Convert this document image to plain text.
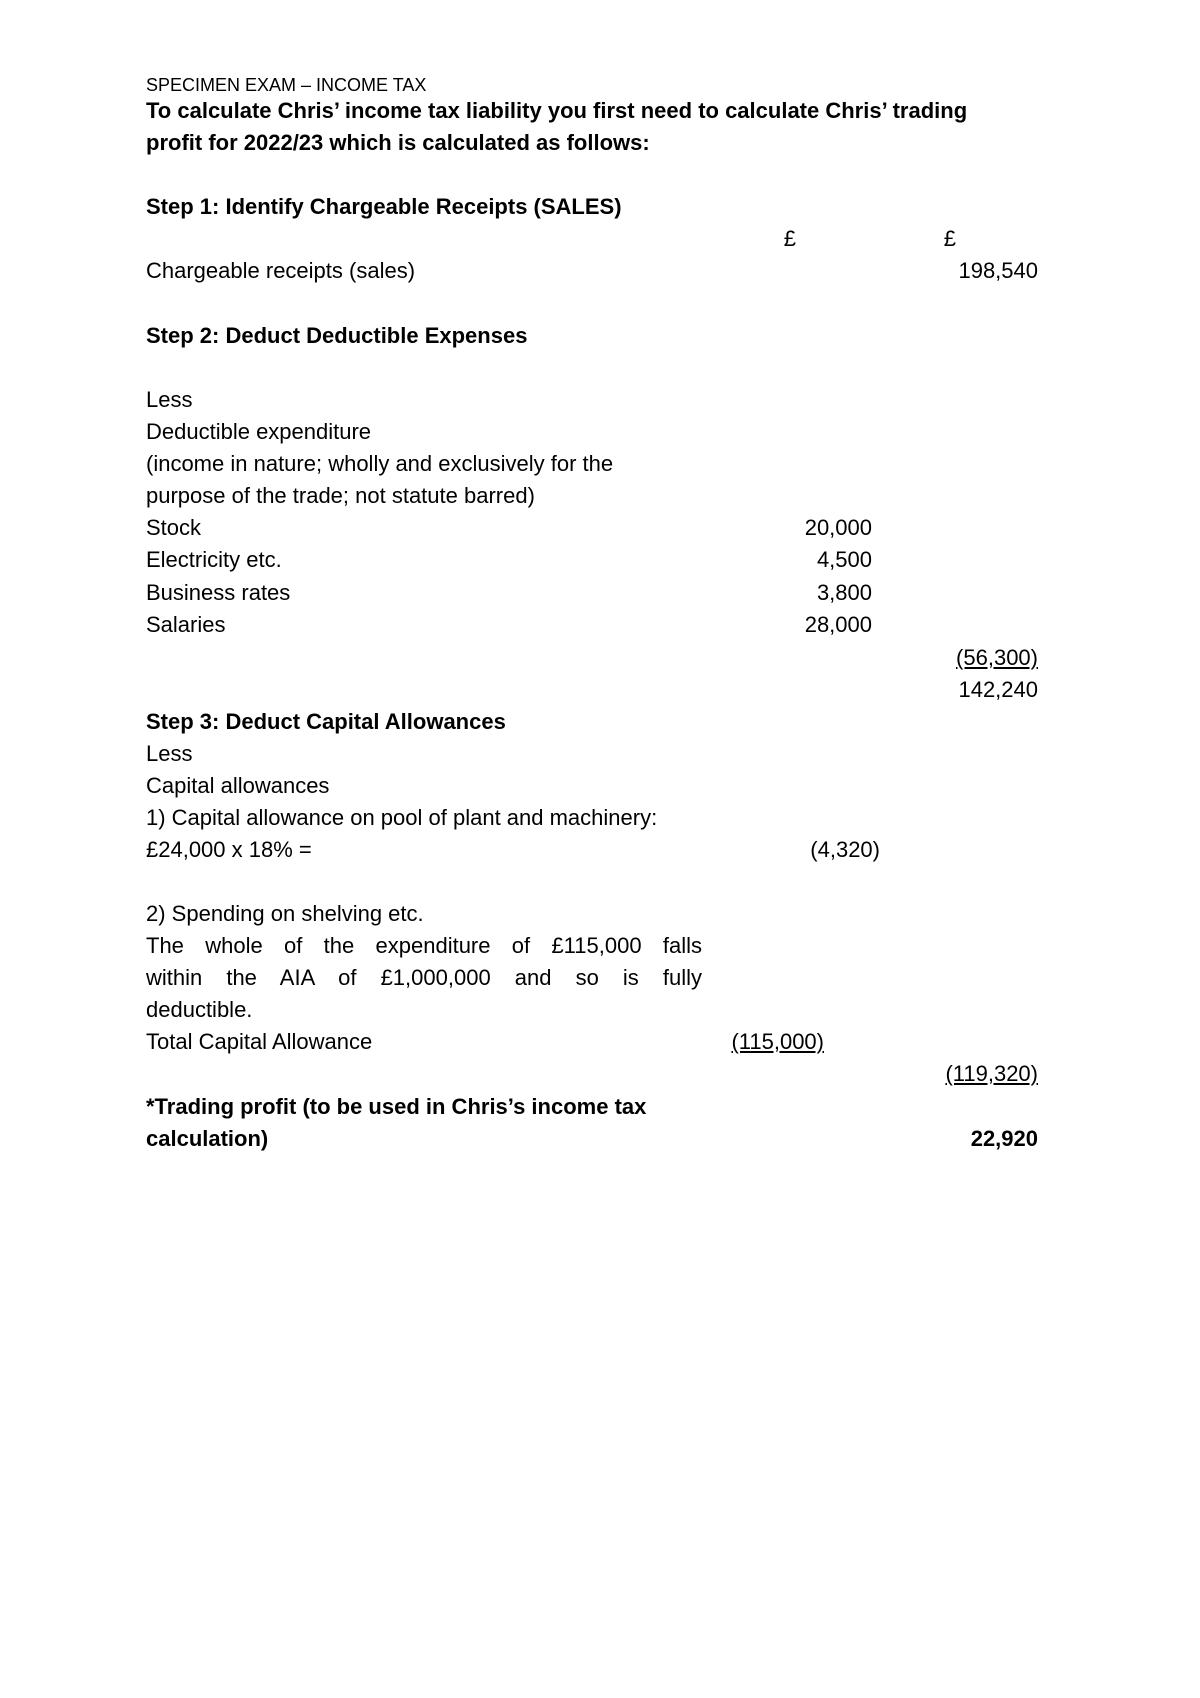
SPECIMEN EXAM – INCOME TAX
To calculate Chris’ income tax liability you first need to calculate Chris’ trading
profit for 2022/23 which is calculated as follows:
Step 1: Identify Chargeable Receipts (SALES)
£	£
Chargeable receipts (sales)	198,540
Step 2: Deduct Deductible Expenses
Less
Deductible expenditure
(income in nature; wholly and exclusively for the
purpose of the trade; not statute barred)
Stock	20,000
Electricity etc.	4,500
Business rates	3,800
Salaries	28,000
(56,300)
142,240
Step 3: Deduct Capital Allowances
Less
Capital allowances
1) Capital allowance on pool of plant and machinery:
£24,000 x 18% =	(4,320)
2) Spending on shelving etc.
The whole of the expenditure of £115,000 falls
within the AIA of £1,000,000 and so is fully
deductible.
Total Capital Allowance	(115,000)
(119,320)
*Trading profit (to be used in Chris’s income tax
calculation)	22,920
